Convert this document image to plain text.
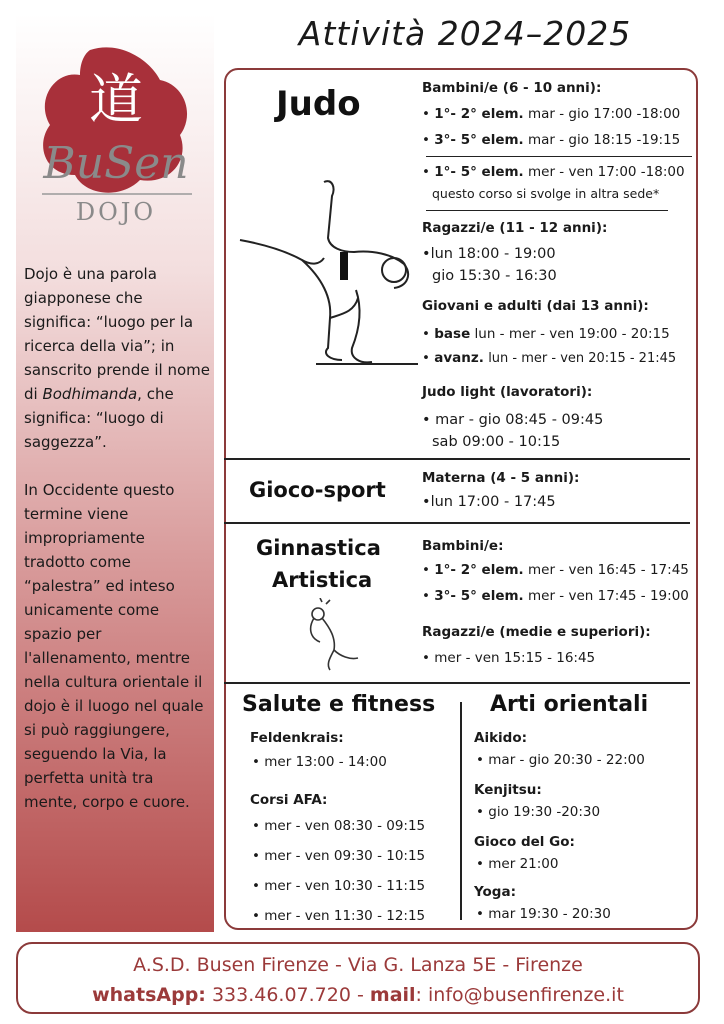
道
BuSen
DOJO

Dojo è una parola giapponese che significa: “luogo per la ricerca della via”; in sanscrito prende il nome di Bodhimanda, che significa: “luogo di saggezza”.

In Occidente questo termine viene impropriamente tradotto come “palestra” ed inteso unicamente come spazio per l'allenamento, mentre nella cultura orientale il dojo è il luogo nel quale si può raggiungere, seguendo la Via, la perfetta unità tra mente, corpo e cuore.

Attività 2024–2025
Judo	Bambini/e (6 - 10 anni):
• 1°- 2° elem. mar - gio 17:00 -18:00
• 3°- 5° elem. mar - gio 18:15 -19:15
• 1°- 5° elem. mer - ven 17:00 -18:00
questo corso si svolge in altra sede*
Ragazzi/e (11 - 12 anni):
•lun 18:00 - 19:00
gio 15:30 - 16:30
Giovani e adulti (dai 13 anni):
• base lun - mer - ven 19:00 - 20:15
• avanz. lun - mer - ven 20:15 - 21:45
Judo light (lavoratori):
• mar - gio 08:45 - 09:45
sab 09:00 - 10:15
Gioco-sport	Materna (4 - 5 anni):
•lun 17:00 - 17:45
Ginnastica
Artistica
Bambini/e:
• 1°- 2° elem. mer - ven 16:45 - 17:45
• 3°- 5° elem. mer - ven 17:45 - 19:00
Ragazzi/e (medie e superiori):
• mer - ven 15:15 - 16:45
Salute e fitness
Feldenkrais:
• mer 13:00 - 14:00
Corsi AFA:
• mer - ven 08:30 - 09:15
• mer - ven 09:30 - 10:15
• mer - ven 10:30 - 11:15
• mer - ven 11:30 - 12:15
Arti orientali
Aikido:
• mar - gio 20:30 - 22:00
Kenjitsu:
• gio 19:30 -20:30
Gioco del Go:
• mer 21:00
Yoga:
• mar 19:30 - 20:30
A.S.D. Busen Firenze - Via G. Lanza 5E - Firenze
whatsApp: 333.46.07.720 - mail: info@busenfirenze.it
